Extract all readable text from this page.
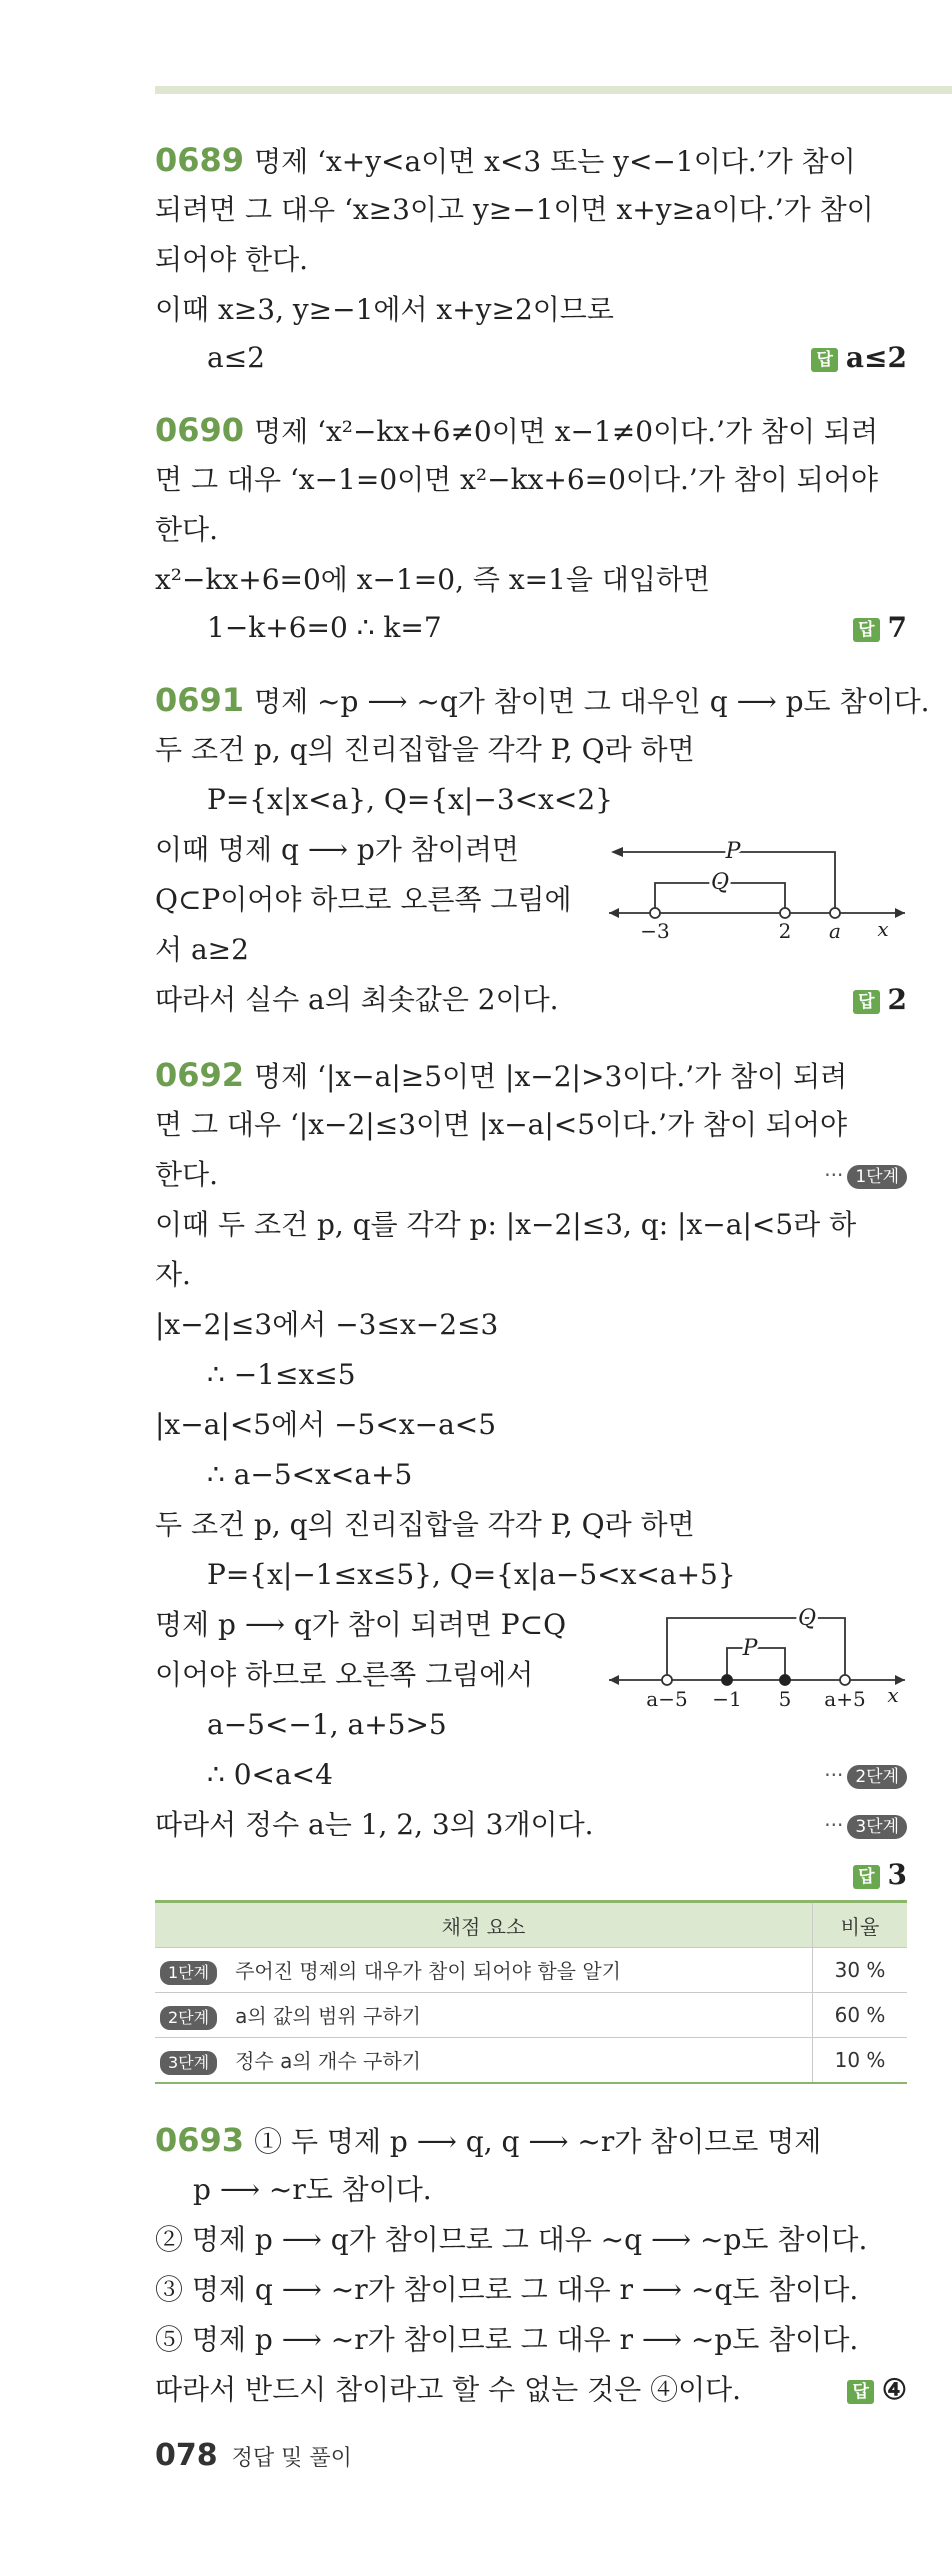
0689 명제 ‘x+y<a이면 x<3 또는 y<−1이다.’가 참이
되려면 그 대우 ‘x≥3이고 y≥−1이면 x+y≥a이다.’가 참이
되어야 한다.
이때 x≥3, y≥−1에서 x+y≥2이므로
a≤2	답 a≤2
0690 명제 ‘x²−kx+6≠0이면 x−1≠0이다.’가 참이 되려
면 그 대우 ‘x−1=0이면 x²−kx+6=0이다.’가 참이 되어야
한다.
x²−kx+6=0에 x−1=0, 즉 x=1을 대입하면
1−k+6=0 ∴ k=7	답 7
0691 명제 ~p ⟶ ~q가 참이면 그 대우인 q ⟶ p도 참이다.
두 조건 p, q의 진리집합을 각각 P, Q라 하면
P={x|x<a}, Q={x|−3<x<2}
이때 명제 q ⟶ p가 참이려면
Q⊂P이어야 하므로 오른쪽 그림에
서 a≥2
따라서 실수 a의 최솟값은 2이다.	답 2
P
Q
−3	2 a x
0692 명제 ‘|x−a|≥5이면 |x−2|>3이다.’가 참이 되려
면 그 대우 ‘|x−2|≤3이면 |x−a|<5이다.’가 참이 되어야
한다.	··· 1단계
이때 두 조건 p, q를 각각 p: |x−2|≤3, q: |x−a|<5라 하
자.
|x−2|≤3에서 −3≤x−2≤3
∴ −1≤x≤5
|x−a|<5에서 −5<x−a<5
∴ a−5<x<a+5
두 조건 p, q의 진리집합을 각각 P, Q라 하면
P={x|−1≤x≤5}, Q={x|a−5<x<a+5}
명제 p ⟶ q가 참이 되려면 P⊂Q
이어야 하므로 오른쪽 그림에서
a−5<−1, a+5>5
∴ 0<a<4	··· 2단계
따라서 정수 a는 1, 2, 3의 3개이다.	··· 3단계
답 3
Q
P
a−5 −1 5 a+5 x
채점 요소	비율
1단계 주어진 명제의 대우가 참이 되어야 함을 알기	30 %
2단계 a의 값의 범위 구하기	60 %
3단계 정수 a의 개수 구하기	10 %
0693 ① 두 명제 p ⟶ q, q ⟶ ~r가 참이므로 명제
p ⟶ ~r도 참이다.
② 명제 p ⟶ q가 참이므로 그 대우 ~q ⟶ ~p도 참이다.
③ 명제 q ⟶ ~r가 참이므로 그 대우 r ⟶ ~q도 참이다.
⑤ 명제 p ⟶ ~r가 참이므로 그 대우 r ⟶ ~p도 참이다.
따라서 반드시 참이라고 할 수 없는 것은 ④이다.	답 ④
078 정답 및 풀이
